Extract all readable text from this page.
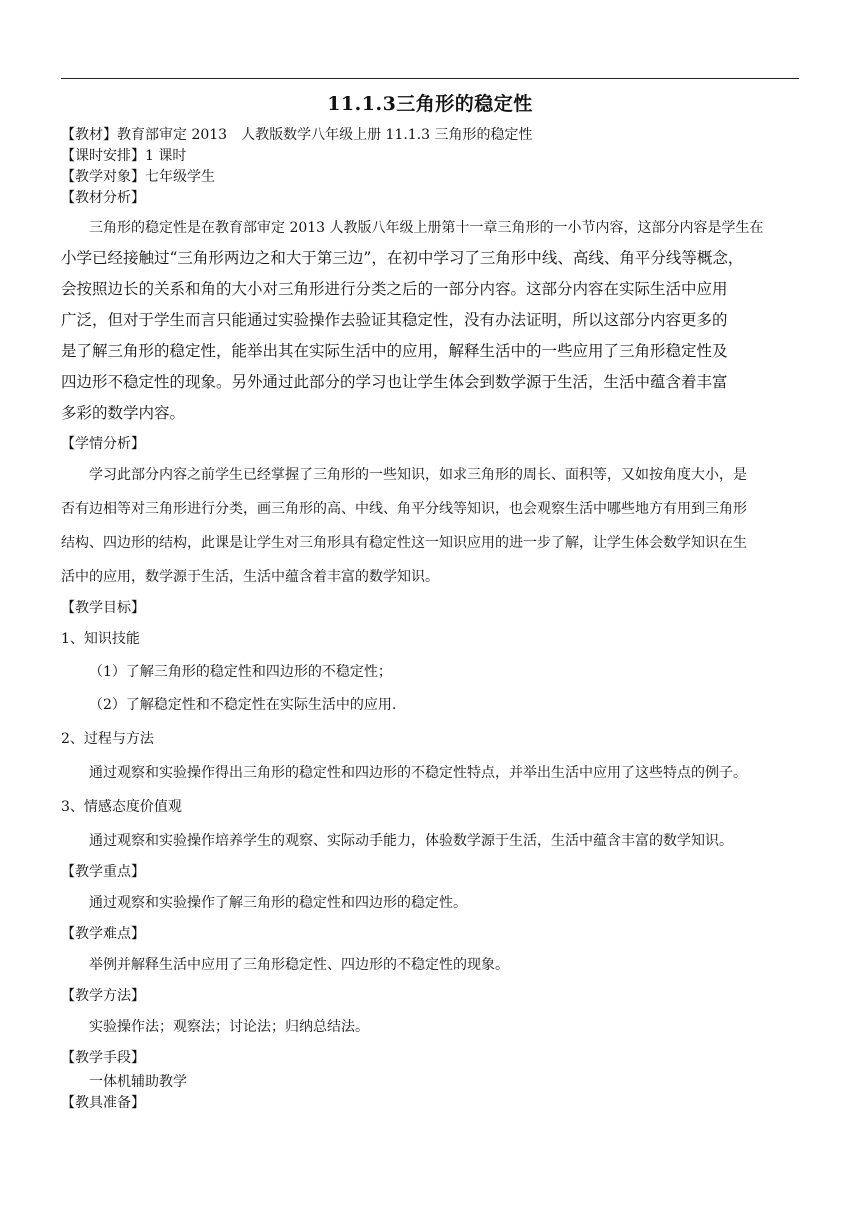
11.1.3三角形的稳定性
【教材】教育部审定 2013　人教版数学八年级上册 11.1.3 三角形的稳定性
【课时安排】1 课时
【教学对象】七年级学生
【教材分析】
三角形的稳定性是在教育部审定 2013 人教版八年级上册第十一章三角形的一小节内容，这部分内容是学生在
小学已经接触过“三角形两边之和大于第三边”，在初中学习了三角形中线、高线、角平分线等概念，
会按照边长的关系和角的大小对三角形进行分类之后的一部分内容。这部分内容在实际生活中应用
广泛，但对于学生而言只能通过实验操作去验证其稳定性，没有办法证明，所以这部分内容更多的
是了解三角形的稳定性，能举出其在实际生活中的应用，解释生活中的一些应用了三角形稳定性及
四边形不稳定性的现象。另外通过此部分的学习也让学生体会到数学源于生活，生活中蕴含着丰富
多彩的数学内容。
【学情分析】
学习此部分内容之前学生已经掌握了三角形的一些知识，如求三角形的周长、面积等，又如按角度大小，是
否有边相等对三角形进行分类，画三角形的高、中线、角平分线等知识，也会观察生活中哪些地方有用到三角形
结构、四边形的结构，此课是让学生对三角形具有稳定性这一知识应用的进一步了解，让学生体会数学知识在生
活中的应用，数学源于生活，生活中蕴含着丰富的数学知识。
【教学目标】
1、知识技能
（1）了解三角形的稳定性和四边形的不稳定性；
（2）了解稳定性和不稳定性在实际生活中的应用.
2、过程与方法
通过观察和实验操作得出三角形的稳定性和四边形的不稳定性特点，并举出生活中应用了这些特点的例子。
3、情感态度价值观
通过观察和实验操作培养学生的观察、实际动手能力，体验数学源于生活，生活中蕴含丰富的数学知识。
【教学重点】
通过观察和实验操作了解三角形的稳定性和四边形的稳定性。
【教学难点】
举例并解释生活中应用了三角形稳定性、四边形的不稳定性的现象。
【教学方法】
实验操作法；观察法；讨论法；归纳总结法。
【教学手段】
一体机辅助教学
【教具准备】
